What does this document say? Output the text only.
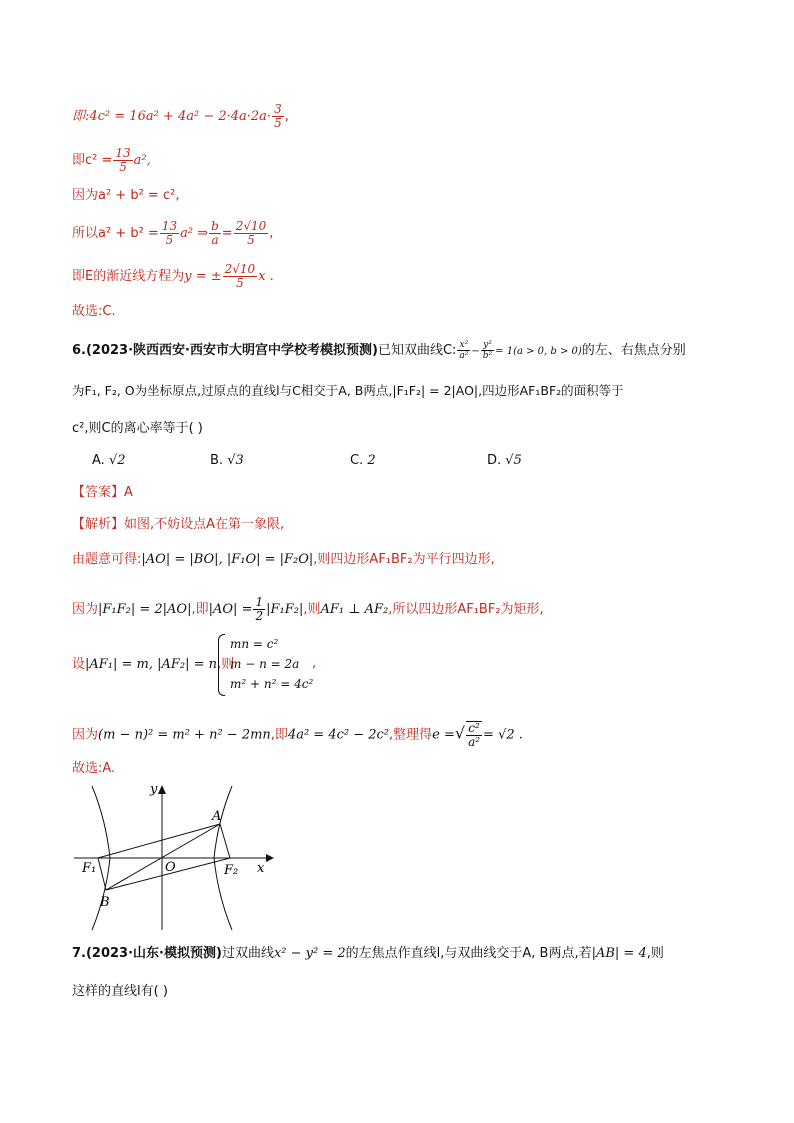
即:4c² = $16a^2 + 4a^2 - 2\cdot 4a\cdot 2a\cdot \frac{3}{5}$ ,
即$c^2 = \frac{13}{5} a^2$,
因为a² + b² = c²,
所以$a^2 + b^2 = \frac{13}{5} a^2$ ⇒ $\frac{b}{a} = \frac{2√10}{5}$ ,
即E的渐近线方程为y = ± $\frac{2√10}{5}$ x .
故选:C.
6.(2023·陕西西安·西安市大明宫中学校考模拟预测)已知双曲线C: $\frac{\text{x²}}{\text{a²}} - \frac{\text{y²}}{\text{b²}} = 1(a > 0$, b > 0)的左、右焦点分别
为F₁, F₂, O为坐标原点,过原点的直线l与C相交于A, B两点,|F₁F₂| = 2|AO|,四边形AF₁BF₂的面积等于
c²,则C的离心率等于( )
A. √2	B. √3	C. 2	D. √5
【答案】A
【解析】如图,不妨设点A在第一象限,
由题意可得:|AO| = |BO|, |F₁O| = |F₂O|,则四边形AF₁BF₂为平行四边形,
因为|F₁F₂| = 2|AO|,即$|AO| = \frac{1}{2} |F_1F_2|$,则AF₁ ⊥ AF₂,所以四边形AF₁BF₂为矩形,
设|AF₁| = m, |AF₂| = n,则
mn = c²
m − n = 2a
m² + n² = 4c²
,
因为(m − n)² = m² + n² − 2mn,即4a² = 4c² − 2c²,整理得e =√ $\frac{\text{c²}}{\text{a²}} = √2$ .
故选:A.
y
x
A
O
F₁	F₂
B
7.(2023·山东·模拟预测)过双曲线x² − y² = 2的左焦点作直线l,与双曲线交于A, B两点,若|AB| = 4,则
这样的直线l有( )
